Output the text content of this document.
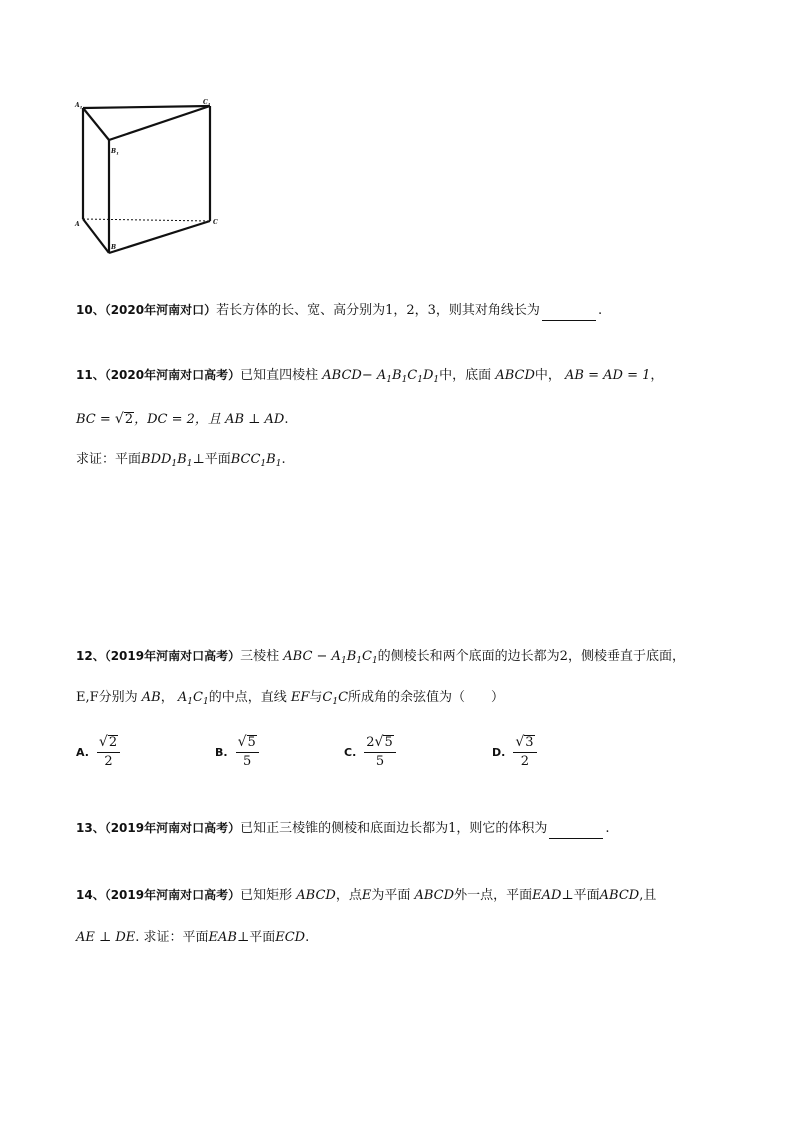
$A_1$
$C_1$
$B_1$
A	C
B
10、（2020年河南对口）若长方体的长、宽、高分别为1，2，3，则其对角线长为	.
11、（2020年河南对口高考）已知直四棱柱 ABCD− $A_1B_1C_1D_1$中，底面 ABCD中， AB = AD = 1，
BC = √ 2 ，DC = 2，且 AB ⊥ AD.
求证：平面$BDD_1B_1\perp$平面$BCC_1B_1$.
12、（2019年河南对口高考）三棱柱 ABC − $A_1B_1C_1$的侧棱长和两个底面的边长都为2，侧棱垂直于底面，
E,F分别为 AB， $A_1C_1$的中点，直线 EF与$C_1C$所成角的余弦值为（　　）
A. $\frac{√ 2}{2}$	B. $\frac{√ 5}{5}$	C. $\frac{2 √ 5}{5}$	D. $\frac{√ 3}{2}$
13、（2019年河南对口高考）已知正三棱锥的侧棱和底面边长都为1，则它的体积为	.
14、（2019年河南对口高考）已知矩形 ABCD，点E为平面 ABCD外一点，平面EAD⊥平面ABCD,且
AE ⊥ DE. 求证：平面EAB⊥平面ECD.
